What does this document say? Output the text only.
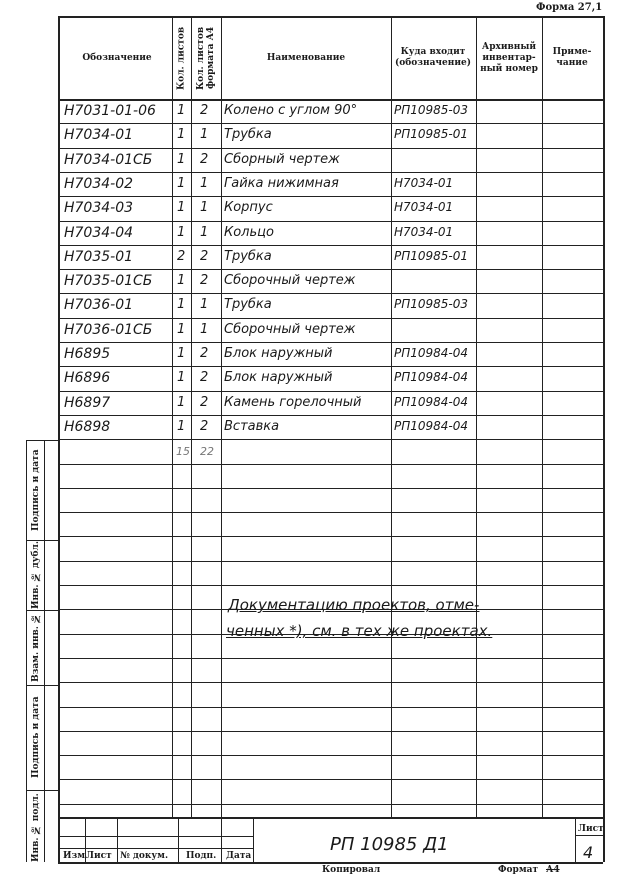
Форма 27,1
Обозначение	Кол. листов	Кол. листов формата А4	Наименование
Куда входит (обозначение)
Архивный инвентар- ный номер
Приме- чание
Н7031-01-06 1 2 Колено с углом 90°	РП10985-03
Н7034-01	1 1 Трубка	РП10985-01
Н7034-01СБ 1 2 Сборный чертеж
Н7034-02	1 1 Гайка нижимная	Н7034-01
Н7034-03	1 1 Корпус	Н7034-01
Н7034-04	1 1 Кольцо	Н7034-01
Н7035-01	2 2 Трубка	РП10985-01
Н7035-01СБ 1 2 Сборочный чертеж
Н7036-01	1 1 Трубка	РП10985-03
Н7036-01СБ 1 1 Сборочный чертеж
Н6895	1 2 Блок наружный	РП10984-04
Н6896	1 2 Блок наружный	РП10984-04
Н6897	1 2 Камень горелочный	РП10984-04
Н6898	1 2 Вставка	РП10984-04
15 22
Документацию проектов, отме-
ченных *), см. в тех же проектах.
Подпись и дата
Инв. № дубл.
Взам. инв. №
Подпись и дата
Инв. № подл.	Изм Лист № докум. Подп. Дата
РП 10985 Д1
Лист
4
Копировал	Формат А4
